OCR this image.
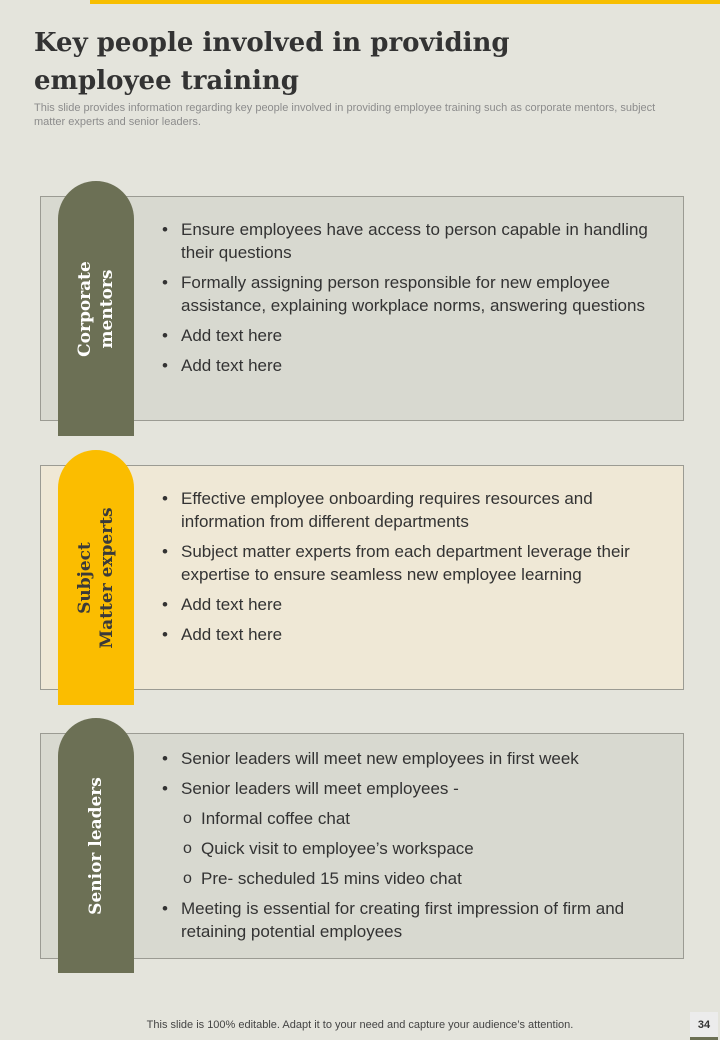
Key people involved in providing employee training
This slide provides information regarding key people involved in providing employee training such as corporate mentors, subject matter experts and senior leaders.
Corporate mentors
• Ensure employees have access to person capable in handling their questions
• Formally assigning person responsible for new employee assistance, explaining workplace norms, answering questions
• Add text here
• Add text here
Subject Matter experts
• Effective employee onboarding requires resources and information from different departments
• Subject matter experts from each department leverage their expertise to ensure seamless new employee learning
• Add text here
• Add text here
Senior leaders
• Senior leaders will meet new employees in first week
• Senior leaders will meet employees -
o Informal coffee chat
o Quick visit to employee’s workspace
o Pre- scheduled 15 mins video chat
• Meeting is essential for creating first impression of firm and retaining potential employees
This slide is 100% editable. Adapt it to your need and capture your audience’s attention.	34
